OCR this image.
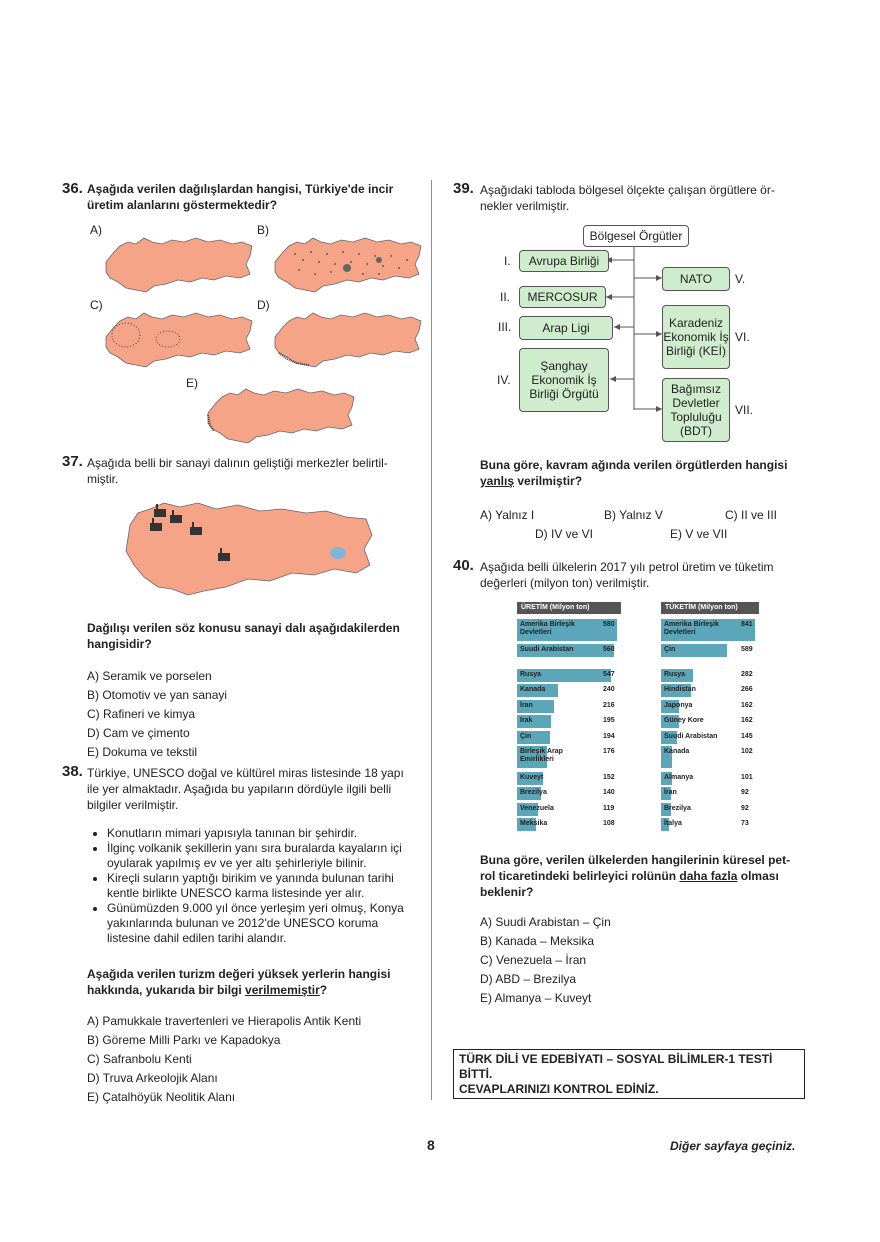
36. Aşağıda verilen dağılışlardan hangisi, Türkiye'de incir üretim alanlarını göstermektedir?
A)	B)
C)	D)
E)
37. Aşağıda belli bir sanayi dalının geliştiği merkezler belirtil-miştir.
Dağılışı verilen söz konusu sanayi dalı aşağıdakilerden hangisidir?
A) Seramik ve porselen
B) Otomotiv ve yan sanayi
C) Rafineri ve kimya
D) Cam ve çimento
E) Dokuma ve tekstil
38. Türkiye, UNESCO doğal ve kültürel miras listesinde 18 yapı ile yer almaktadır. Aşağıda bu yapıların dördüyle ilgili belli bilgiler verilmiştir.
• Konutların mimari yapısıyla tanınan bir şehirdir.
• İlginç volkanik şekillerin yanı sıra buralarda kayaların içi oyularak yapılmış ev ve yer altı şehirleriyle bilinir.
• Kireçli suların yaptığı birikim ve yanında bulunan tarihi kentle birlikte UNESCO karma listesinde yer alır.
• Günümüzden 9.000 yıl önce yerleşim yeri olmuş, Konya yakınlarında bulunan ve 2012'de UNESCO koruma listesine dahil edilen tarihi alandır.
Aşağıda verilen turizm değeri yüksek yerlerin hangisi hakkında, yukarıda bir bilgi verilmemiştir?
A) Pamukkale travertenleri ve Hierapolis Antik Kenti
B) Göreme Milli Parkı ve Kapadokya
C) Safranbolu Kenti
D) Truva Arkeolojik Alanı
E) Çatalhöyük Neolitik Alanı
39. Aşağıdaki tabloda bölgesel ölçekte çalışan örgütlere ör-nekler verilmiştir.
Bölgesel Örgütler
I.	Avrupa Birliği
II.	MERCOSUR
III.	Arap Ligi
IV.
Şanghay Ekonomik İş Birliği Örgütü
NATO	V.
Karadeniz Ekonomik İş Birliği (KEİ)
VI.
Bağımsız Devletler Topluluğu (BDT)
VII.
Buna göre, kavram ağında verilen örgütlerden hangisi yanlış verilmiştir?
A) Yalnız I	B) Yalnız V	C) II ve III
D) IV ve VI	E) V ve VII
40. Aşağıda belli ülkelerin 2017 yılı petrol üretim ve tüketim değerleri (milyon ton) verilmiştir.
ÜRETİM (Milyon ton)
Amerika Birleşik Devletleri
580
Suudi Arabistan	560
Rusya	547
Kanada	240
İran	216
Irak	195
Çin	194
Birleşik Arap Emirlikleri
176
Kuveyt	152
Brezilya	140
Venezuela	119
Meksika	108
TÜKETİM (Milyon ton)
Amerika Birleşik Devletleri
841
Çin	589
Rusya	282
Hindistan	266
Japonya	162
Güney Kore	162
Suudi Arabistan	145
Kanada	102
Almanya	101
İran	92
Brezilya	92
İtalya	73
Buna göre, verilen ülkelerden hangilerinin küresel pet-rol ticaretindeki belirleyici rolünün daha fazla olması beklenir?
A) Suudi Arabistan – Çin
B) Kanada – Meksika
C) Venezuela – İran
D) ABD – Brezilya
E) Almanya – Kuveyt
TÜRK DİLİ VE EDEBİYATI – SOSYAL BİLİMLER-1 TESTİ
BİTTİ.
CEVAPLARINIZI KONTROL EDİNİZ.
8	Diğer sayfaya geçiniz.
